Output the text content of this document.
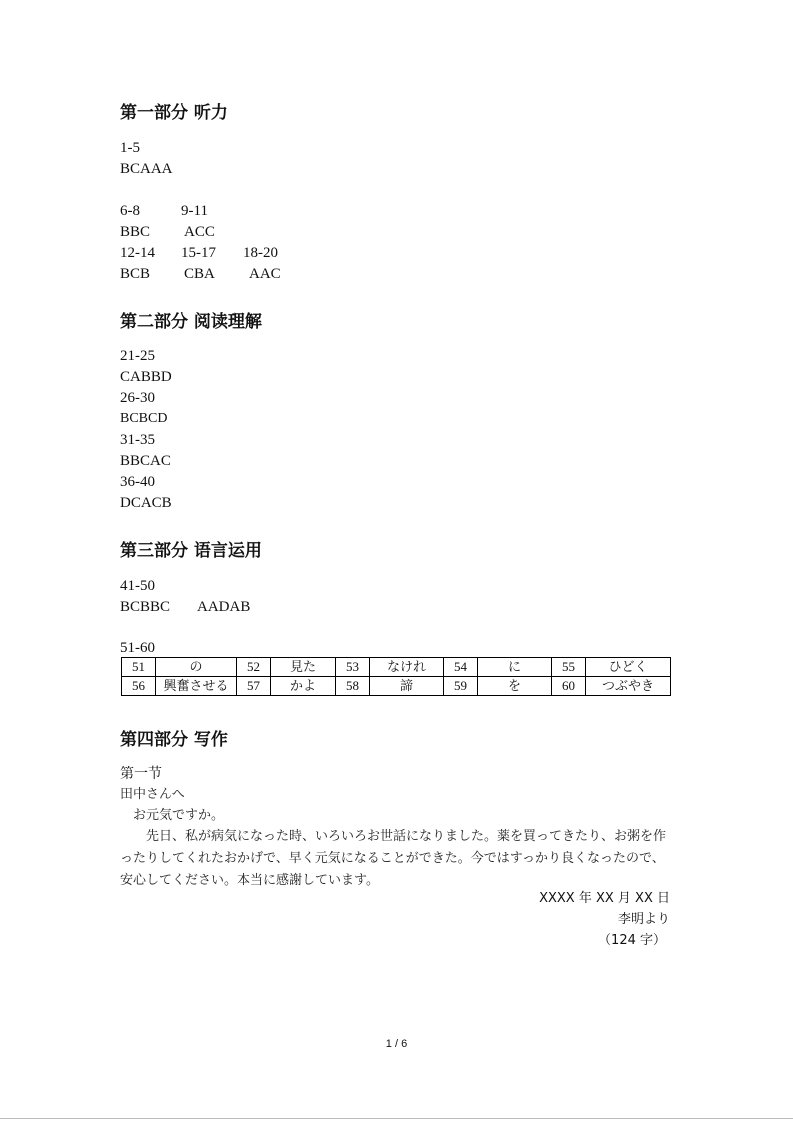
第一部分 听力
1-5
BCAAA
6-8	9-11
BBC ACC
12-14 15-17 18-20
BCB CBA AAC
第二部分 阅读理解
21-25
CABBD
26-30
BCBCD
31-35
BBCAC
36-40
DCACB
第三部分 语言运用
41-50
BCBBC AADAB
51-60
51	の	52	見た	53	なけれ	54	に	55	ひどく
56	興奮させる	57	かよ	58	諦	59	を	60	つぶやき
第四部分 写作
第一节
田中さんへ
お元気ですか。
先日、私が病気になった時、いろいろお世話になりました。薬を買ってきたり、お粥を作ったりしてくれたおかげで、早く元気になることができた。今ではすっかり良くなったので、安心してください。本当に感謝しています。
XXXX 年 XX 月 XX 日
李明より
（124 字）
1 / 6
